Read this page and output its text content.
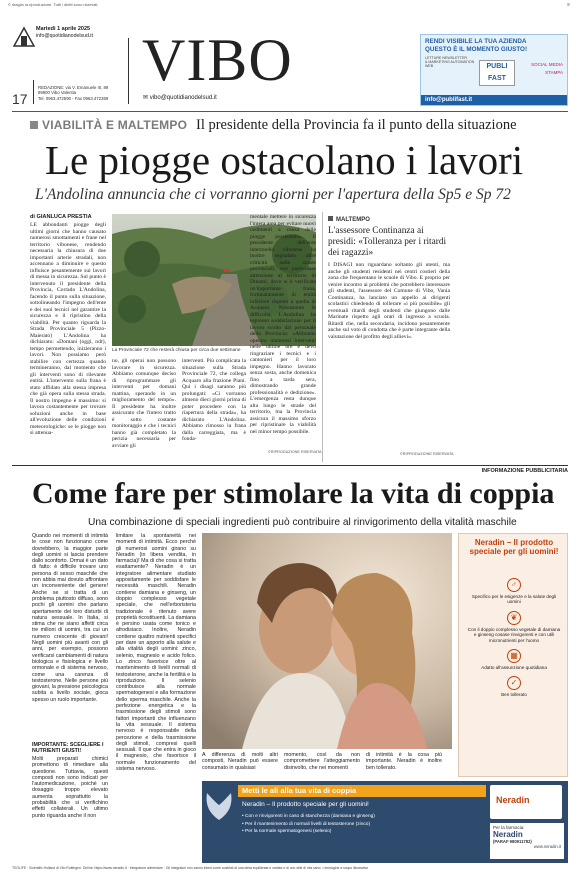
© ritaglio la riproduzione. Tutti i diritti sono riservati	≡
Martedì 1 aprile 2025
info@quotidianodelsud.it
17
REDAZIONE: via V. Emanuele III, 89
89900 Vibo Valentia
Tel. 0963.472590 - Fax 0963.472359
VIBO
✉ vibo@quotidianodelsud.it
RENDI VISIBILE LA TUA AZIENDA
QUESTO È IL MOMENTO GIUSTO!
LETTURE NEWSLETTER
& MARKETING AUTOMATION
WEB	PUBLI FAST
SOCIAL MEDIA
STAMPA
info@publifast.it
VIABILITÀ E MALTEMPO Il presidente della Provincia fa il punto della situazione
Le piogge ostacolano i lavori
L'Andolina annuncia che ci vorranno giorni per l'apertura della Sp5 e Sp 72
di GIANLUCA PRESTIA
LE abbondanti piogge degli ultimi giorni che hanno causato numerosi smottamenti e frane nel territorio vibonese, rendendo necessaria la chiusura di due importanti arterie stradali, non accennano a diminuire e questo influisce pesantemente sui lavori di messa in sicurezza. Sul punto è intervenuto il presidente della Provincia, Corrado L'Andolina, facendo il punto sulla situazione, sottolineando l'impegno dell'ente e dei suoi tecnici nel garantire la sicurezza e il ripristino della viabilità. Per quanto riguarda la Strada Provinciale 5 (Pizzo-Maierato) L'Andolina ha dichiarato: «Domani (oggi, ndr), tempo permettendo, inizieranno i lavori. Non possiamo però stabilire con certezza quando termineranno, dal momento che gli interventi sono di rilevante entità. L'intervento sulla frana è stato affidato alla stessa impresa che già opera sulla stessa strada. Il nostro impegno è massimo: si lavora costantemente per trovare soluzioni anche in base all'evoluzione delle condizioni meteorologiche: se le piogge non si attenua-
La Provinciale 72 che resterà chiusa per circa due settimane
no, gli operai non possono lavorare in sicurezza. Abbiamo comunque deciso di riprogrammare gli interventi per domani mattina, sperando in un miglioramento del tempo». Il presidente ha inoltre assicurato che l'intero tratto è sotto costante monitoraggio e che i tecnici hanno già completato la perizia necessaria per avviare gli
interventi. Più complicata la situazione sulla Strada Provinciale 72, che collega Acquaro alla frazione Piani. Qui i disagi saranno più prolungati: «Ci vorranno almeno dieci giorni prima di poter procedere con la riapertura della strada», ha dichiarato L'Andolina. Abbiamo rimosso la frana dalla carreggiata, ma è fonda-
mentale mettere in sicurezza l'intera area per evitare nuovi cedimenti a causa delle piogge persistenti». Il presidente dell'ente intermedio vibonese ha inoltre segnalato altre criticità sulle strade provinciali, con particolare attenzione al territorio di Dinami, dove si è verificata un'importante frana, fortunatamente di entità inferiore rispetto a quella di Acquaro. Nonostante le difficoltà, L'Andolina ha espresso soddisfazione per il lavoro svolto dal personale della Provincia: «Abbiamo operato numerosi interventi nelle ultime ore e devo ringraziare i tecnici e i cantonieri per il loro impegno. Hanno lavorato senza sosta, anche domenica fino a tarda sera, dimostrando grande professionalità e dedizione». L'emergenza resta dunque alta lungo le strade del territorio, ma la Provincia assicura il massimo sforzo per ripristinare la viabilità nel minor tempo possibile.
©RIPRODUZIONE RISERVATA
MALTEMPO
L'assessore Continanza ai presidi: «Tolleranza per i ritardi dei ragazzi»
I DISAGI non riguardano soltanto gli utenti, ma anche gli studenti residenti nei centri costieri della zona che frequentano le scuole di Vibo. E proprio per venire incontro ai problemi che potrebbero interessare gli studenti, l'assessore del Comune di Vibo, Vania Continanza, ha lanciato un appello ai dirigenti scolastici chiedendo di tollerare «i più possibile» gli eventuali ritardi degli studenti che giungono dalle Marinate rispetto agli orari di ingresso a scuola. Ritardi che, nella secondaria, incidono pesantemente anche sul voto di condotta che è parte integrante della valutazione del profitto degli allievi».
©RIPRODUZIONE RISERVATA
INFORMAZIONE PUBBLICITARIA
Come fare per stimolare la vita di coppia
Una combinazione di speciali ingredienti può contribuire al rinvigorimento della vitalità maschile
Quando nei momenti di intimità le cose non funzionano come dovrebbero, la maggior parte degli uomini si lascia prendere dallo sconforto. Ormai è un dato di fatto: è difficile trovare uno persona di sesso maschile che non abbia mai dovuto affrontare un inconveniente del genere! Anche se si tratta di un problema piuttosto diffuso, sono pochi gli uomini che parlano apertamente dei loro disturbi di natura sessuale. In Italia, si stima che ne siano affetti circa tre milioni di uomini, tra cui un numero crescente di giovani! Negli uomini più avanti con gli anni, per esempio, possono verificarsi cambiamenti di natura biologica e fisiologica e livello ormonale e di sistema nervoso, come una carenza di testosterone. Nelle persone più giovani, la pressione psicologica subita a livello sociale, gioca spesso un ruolo importante.
IMPORTANTE: SCEGLIERE I NUTRIENTI GIUSTI!
Molti preparati chimici promettono di rimediare alla questione. Tuttavia, questi composti non sono indicati per l'automedicazione, poiché un dosaggio troppo elevato aumenta soprattutto la probabilità che si verifichino effetti collaterali. Un ultimo punto riguarda anche il non
limitare la spontaneità nei momenti di intimità. Ecco perché gli numerosi uomini girano su Neradin (in libera vendita, in farmacia)! Ma di che cosa si tratta esattamente? Neradin è un integratore alimentare studiato appositamente per soddisfare le necessità maschili. Neradin contiene damiana e ginseng, un doppio complesso vegetale speciale, che nell'erboristeria tradizionale è ritenuto avere proprietà ricostituenti. La damiana è persino usata come tonico e afrodisiaco. Inoltre, Neradin contiene quattro nutrienti specifici per dare un apporto alla salute e alla vitalità degli uomini: zinco, selenio, magnesio e acido folico. Lo zinco favorisce oltre al mantenimento di livelli normali di testosterone, anche la fertilità e la riproduzione. Il selenio contribuisce alla normale spermatogenesi e alla formazione dello sperma maschile. Anche la perfezione energetica e la trasmissione degli stimoli sono fattori importanti che influenzano la vita sessuale. Il sistema nervoso è responsabile della percezione e della trasmissione degli stimoli, compresi quelli sessuali. Il que che entra in gioco il magnesio, che favorisce il normale funzionamento del sistema nervoso.
A differenza di molti altri composti, Neradin può essere consumato in qualsiasi
momento, così da non compromettere l'atteggiamento disinvolto, che nei momenti
di intimità è la cosa più importante. Neradin è inoltre ben tollerato.
Neradin – Il prodotto speciale per gli uomini!
♂
Specifico per le esigenze e la salute degli uomini
❦
Con il doppio complesso vegetale di damiana e ginseng cosase rinvigorenti e con utili micronutrienti per l'uomo
▦
Adatto all'assunzione quotidiana
✓
Ben tollerato
Metti le ali alla tua vita di coppia
Neradin – Il prodotto speciale per gli uomini!
• Con e rinvigorenti in caso di stanchezza (damiana e ginseng)
• Per il mantenimento di normali livelli di testosterone (zinco)
• Per la normale spermatogenesi (selenio)
Neradin
Per la farmacia:
Neradin
(PARAF 980911782)
www.neradin.it
TEOLIFE · Scientific Holland di Vito Ruttingen. Online: https://www.neradin.it · Integratore alimentare · Gli integratori non vanno intesi come sostituti di una dieta equilibrata e variata e di uno stile di vita sano. • Immagine a scopo illustrativo
